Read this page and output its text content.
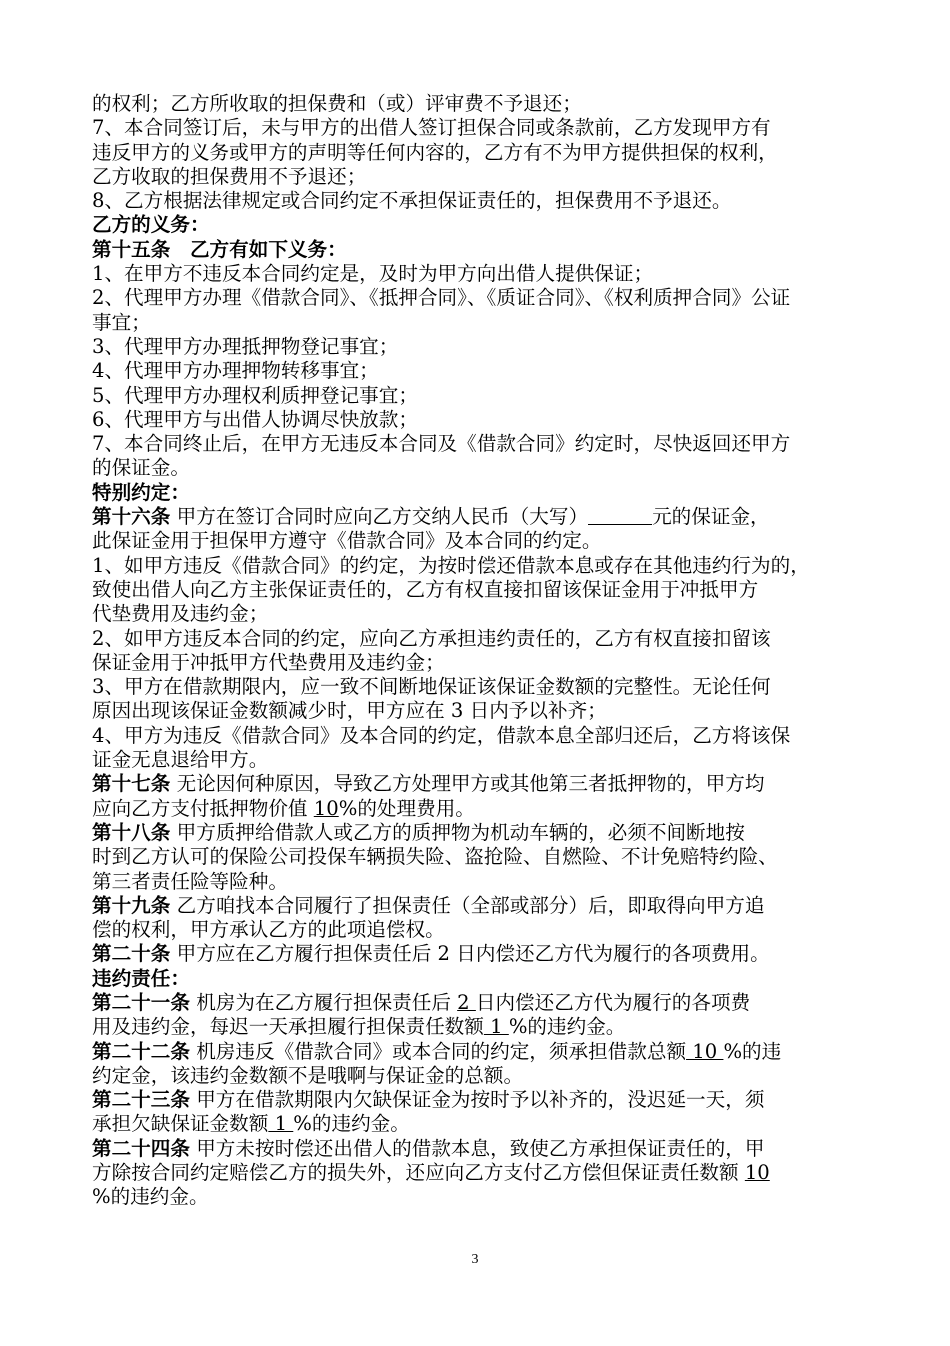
的权利；乙方所收取的担保费和（或）评审费不予退还；
7、本合同签订后，未与甲方的出借人签订担保合同或条款前，乙方发现甲方有
违反甲方的义务或甲方的声明等任何内容的，乙方有不为甲方提供担保的权利，
乙方收取的担保费用不予退还；
8、乙方根据法律规定或合同约定不承担保证责任的，担保费用不予退还。
乙方的义务：
第十五条　乙方有如下义务：
1、在甲方不违反本合同约定是，及时为甲方向出借人提供保证；
2、代理甲方办理《借款合同》、《抵押合同》、《质证合同》、《权利质押合同》公证
事宜；
3、代理甲方办理抵押物登记事宜；
4、代理甲方办理押物转移事宜；
5、代理甲方办理权利质押登记事宜；
6、代理甲方与出借人协调尽快放款；
7、本合同终止后，在甲方无违反本合同及《借款合同》约定时，尽快返回还甲方
的保证金。
特别约定：
第十六条 甲方在签订合同时应向乙方交纳人民币（大写）	元的保证金，
此保证金用于担保甲方遵守《借款合同》及本合同的约定。
1、如甲方违反《借款合同》的约定，为按时偿还借款本息或存在其他违约行为的，
致使出借人向乙方主张保证责任的，乙方有权直接扣留该保证金用于冲抵甲方
代垫费用及违约金；
2、如甲方违反本合同的约定，应向乙方承担违约责任的，乙方有权直接扣留该
保证金用于冲抵甲方代垫费用及违约金；
3、甲方在借款期限内，应一致不间断地保证该保证金数额的完整性。无论任何
原因出现该保证金数额减少时，甲方应在 3 日内予以补齐；
4、甲方为违反《借款合同》及本合同的约定，借款本息全部归还后，乙方将该保
证金无息退给甲方。
第十七条 无论因何种原因，导致乙方处理甲方或其他第三者抵押物的，甲方均
应向乙方支付抵押物价值 10%的处理费用。
第十八条 甲方质押给借款人或乙方的质押物为机动车辆的，必须不间断地按
时到乙方认可的保险公司投保车辆损失险、盗抢险、自燃险、不计免赔特约险、
第三者责任险等险种。
第十九条 乙方咱找本合同履行了担保责任（全部或部分）后，即取得向甲方追
偿的权利，甲方承认乙方的此项追偿权。
第二十条 甲方应在乙方履行担保责任后 2 日内偿还乙方代为履行的各项费用。
违约责任：
第二十一条 机房为在乙方履行担保责任后 2 日内偿还乙方代为履行的各项费
用及违约金，每迟一天承担履行担保责任数额 1 %的违约金。
第二十二条 机房违反《借款合同》或本合同的约定，须承担借款总额 10 %的违
约定金，该违约金数额不是哦啊与保证金的总额。
第二十三条 甲方在借款期限内欠缺保证金为按时予以补齐的，没迟延一天，须
承担欠缺保证金数额 1 %的违约金。
第二十四条 甲方未按时偿还出借人的借款本息，致使乙方承担保证责任的，甲
方除按合同约定赔偿乙方的损失外，还应向乙方支付乙方偿但保证责任数额 10
%的违约金。
3
